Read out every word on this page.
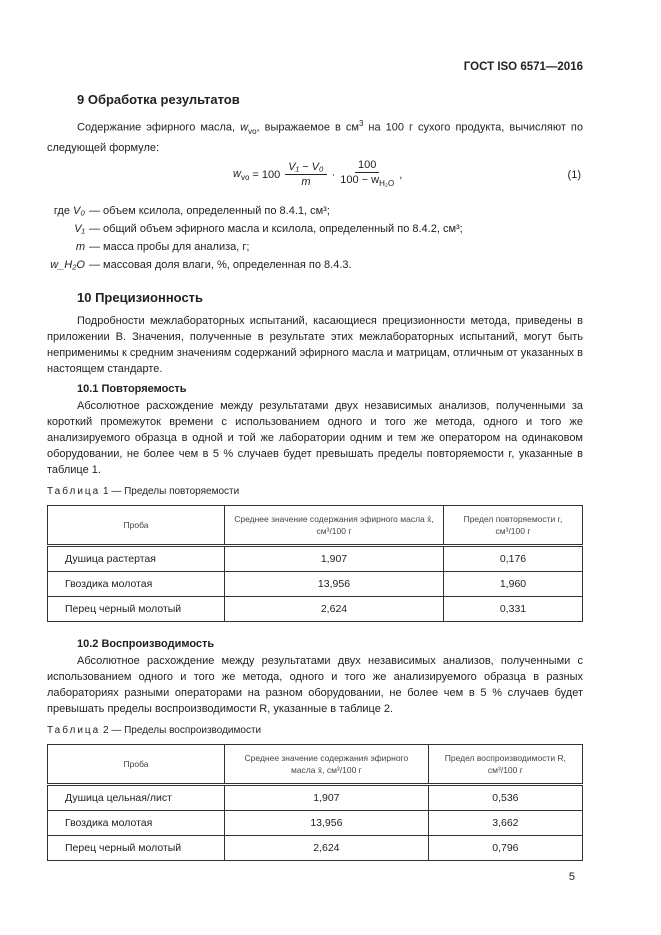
ГОСТ ISO 6571—2016
9 Обработка результатов
Содержание эфирного масла, $w_{vo}$, выражаемое в $см^3$ на 100 г сухого продукта, вычисляют по следующей формуле:
$w_{vo} = 100 \frac{\text{V₁ − V₀}}{m} \cdot \frac{100}{100 - w_{H_2O}}$ ,	(1)
где V₀ — объем ксилола, определенный по 8.4.1, см³;
V₁ — общий объем эфирного масла и ксилола, определенный по 8.4.2, см³;
m — масса пробы для анализа, г;
w_H₂O — массовая доля влаги, %, определенная по 8.4.3.
10 Прецизионность
Подробности межлабораторных испытаний, касающиеся прецизионности метода, приведены в приложении В. Значения, полученные в результате этих межлабораторных испытаний, могут быть неприменимы к средним значениям содержаний эфирного масла и матрицам, отличным от указанных в настоящем стандарте.
10.1 Повторяемость
Абсолютное расхождение между результатами двух независимых анализов, полученными за короткий промежуток времени с использованием одного и того же метода, одного и того же анализируемого образца в одной и той же лаборатории одним и тем же оператором на одинаковом оборудовании, не более чем в 5 % случаев будет превышать пределы повторяемости r, указанные в таблице 1.
Таблица 1 — Пределы повторяемости
Проба	Среднее значение содержания эфирного масла x̄, см³/100 г	Предел повторяемости r, см³/100 г
Душица растертая	1,907	0,176
Гвоздика молотая	13,956	1,960
Перец черный молотый	2,624	0,331
10.2 Воспроизводимость
Абсолютное расхождение между результатами двух независимых анализов, полученными с использованием одного и того же метода, одного и того же анализируемого образца в разных лабораториях разными операторами на разном оборудовании, не более чем в 5 % случаев будет превышать пределы воспроизводимости R, указанные в таблице 2.
Таблица 2 — Пределы воспроизводимости
Проба	Среднее значение содержания эфирного масла x̄, см³/100 г	Предел воспроизводимости R, см³/100 г
Душица цельная/лист	1,907	0,536
Гвоздика молотая	13,956	3,662
Перец черный молотый	2,624	0,796
5
